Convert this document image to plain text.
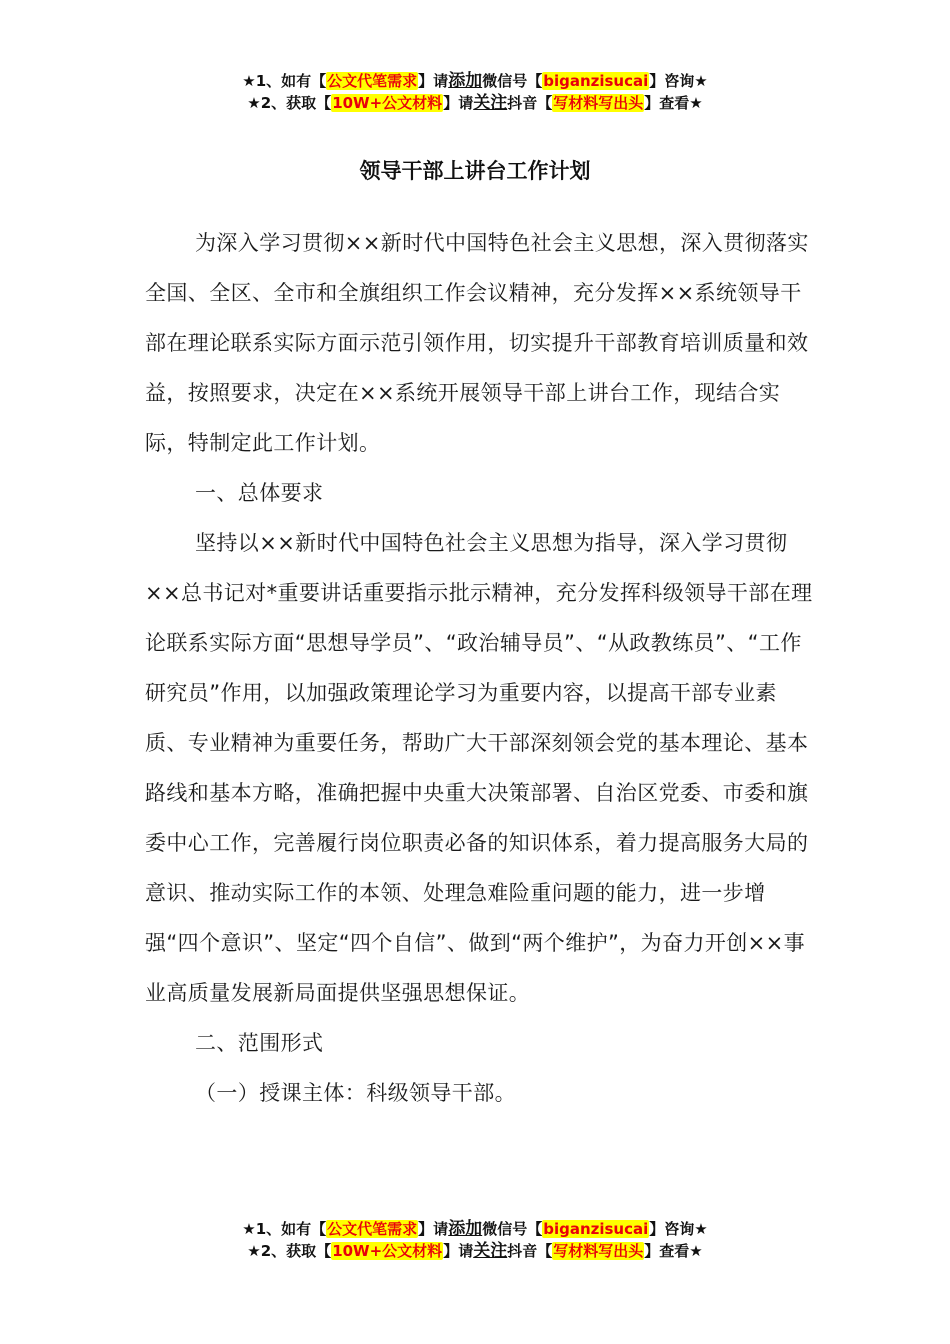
★1、如有【公文代笔需求】请添加微信号【biganzisucai】咨询★
★2、获取【10W+公文材料】请关注抖音【写材料写出头】查看★
领导干部上讲台工作计划

为深入学习贯彻××新时代中国特色社会主义思想，深入贯彻落实全国、全区、全市和全旗组织工作会议精神，充分发挥××系统领导干部在理论联系实际方面示范引领作用，切实提升干部教育培训质量和效益，按照要求，决定在××系统开展领导干部上讲台工作，现结合实际，特制定此工作计划。

一、总体要求

坚持以××新时代中国特色社会主义思想为指导，深入学习贯彻××总书记对*重要讲话重要指示批示精神，充分发挥科级领导干部在理论联系实际方面“思想导学员”、“政治辅导员”、“从政教练员”、“工作研究员”作用，以加强政策理论学习为重要内容，以提高干部专业素质、专业精神为重要任务，帮助广大干部深刻领会党的基本理论、基本路线和基本方略，准确把握中央重大决策部署、自治区党委、市委和旗委中心工作，完善履行岗位职责必备的知识体系，着力提高服务大局的意识、推动实际工作的本领、处理急难险重问题的能力，进一步增强“四个意识”、坚定“四个自信”、做到“两个维护”，为奋力开创××事业高质量发展新局面提供坚强思想保证。

二、范围形式

（一）授课主体：科级领导干部。

★1、如有【公文代笔需求】请添加微信号【biganzisucai】咨询★
★2、获取【10W+公文材料】请关注抖音【写材料写出头】查看★
